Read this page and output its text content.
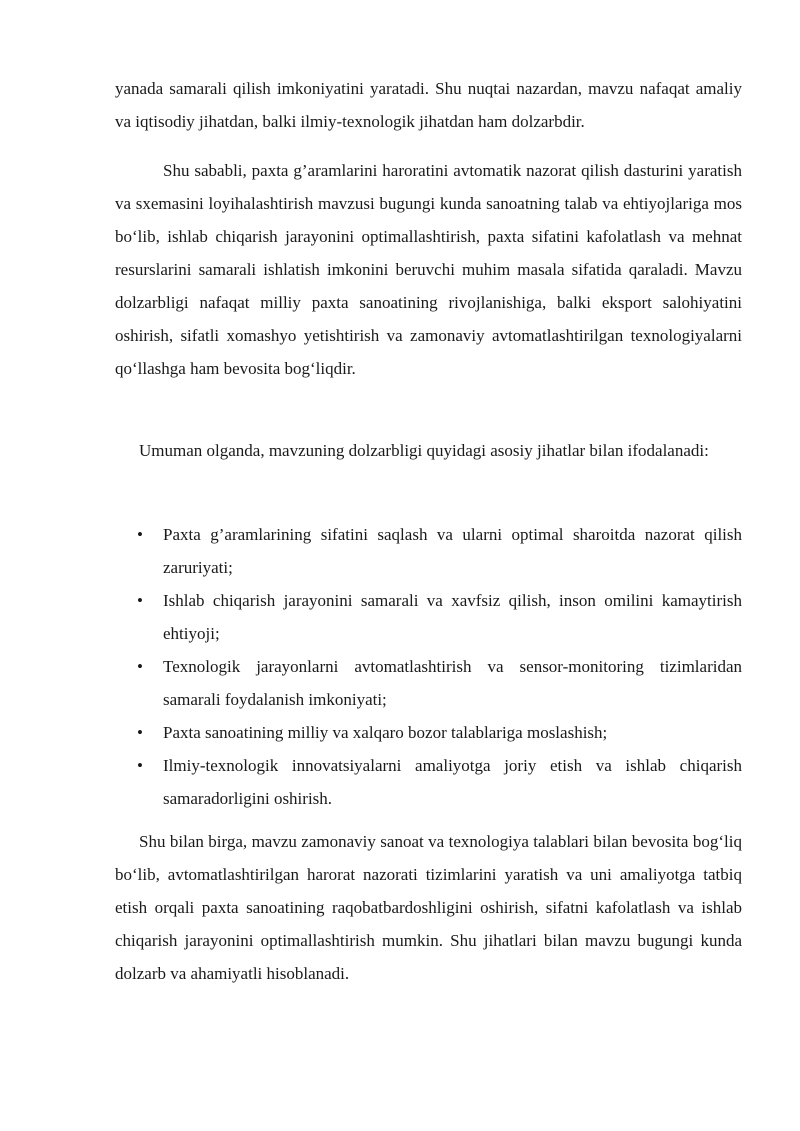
yanada samarali qilish imkoniyatini yaratadi. Shu nuqtai nazardan, mavzu nafaqat amaliy va iqtisodiy jihatdan, balki ilmiy-texnologik jihatdan ham dolzarbdir.

Shu sababli, paxta g’aramlarini haroratini avtomatik nazorat qilish dasturini yaratish va sxemasini loyihalashtirish mavzusi bugungi kunda sanoatning talab va ehtiyojlariga mos bo‘lib, ishlab chiqarish jarayonini optimallashtirish, paxta sifatini kafolatlash va mehnat resurslarini samarali ishlatish imkonini beruvchi muhim masala sifatida qaraladi. Mavzu dolzarbligi nafaqat milliy paxta sanoatining rivojlanishiga, balki eksport salohiyatini oshirish, sifatli xomashyo yetishtirish va zamonaviy avtomatlashtirilgan texnologiyalarni qo‘llashga ham bevosita bog‘liqdir.

Umuman olganda, mavzuning dolzarbligi quyidagi asosiy jihatlar bilan ifodalanadi:

• Paxta g’aramlarining sifatini saqlash va ularni optimal sharoitda nazorat qilish zaruriyati;
• Ishlab chiqarish jarayonini samarali va xavfsiz qilish, inson omilini kamaytirish ehtiyoji;
• Texnologik jarayonlarni avtomatlashtirish va sensor-monitoring tizimlaridan samarali foydalanish imkoniyati;
• Paxta sanoatining milliy va xalqaro bozor talablariga moslashish;
• Ilmiy-texnologik innovatsiyalarni amaliyotga joriy etish va ishlab chiqarish samaradorligini oshirish.

Shu bilan birga, mavzu zamonaviy sanoat va texnologiya talablari bilan bevosita bog‘liq bo‘lib, avtomatlashtirilgan harorat nazorati tizimlarini yaratish va uni amaliyotga tatbiq etish orqali paxta sanoatining raqobatbardoshligini oshirish, sifatni kafolatlash va ishlab chiqarish jarayonini optimallashtirish mumkin. Shu jihatlari bilan mavzu bugungi kunda dolzarb va ahamiyatli hisoblanadi.
